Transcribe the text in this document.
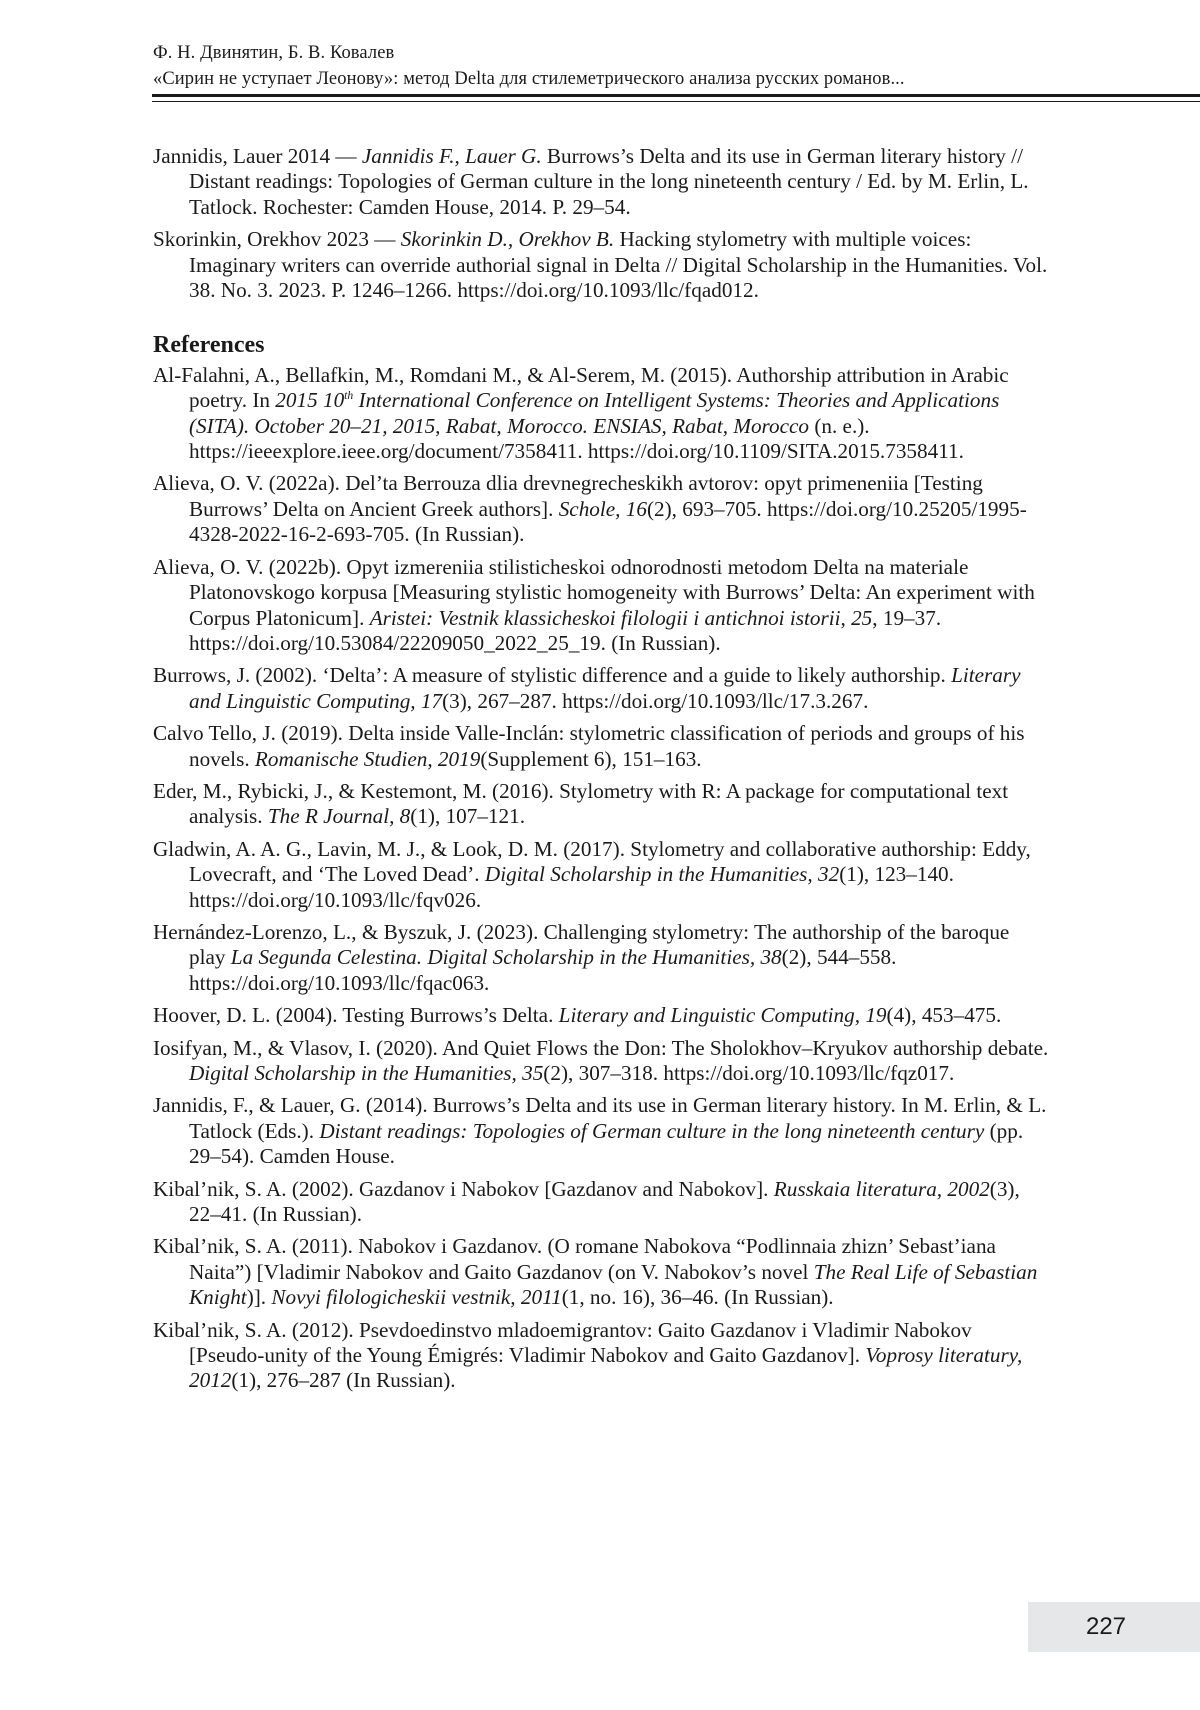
Ф. Н. Двинятин, Б. В. Ковалев
«Сирин не уступает Леонову»: метод Delta для стилеметрического анализа русских романов...

Jannidis, Lauer 2014 — Jannidis F., Lauer G. Burrows’s Delta and its use in German literary history // Distant readings: Topologies of German culture in the long nineteenth century / Ed. by M. Erlin, L. Tatlock. Rochester: Camden House, 2014. P. 29–54.

Skorinkin, Orekhov 2023 — Skorinkin D., Orekhov B. Hacking stylometry with multiple voices: Imaginary writers can override authorial signal in Delta // Digital Scholarship in the Humanities. Vol. 38. No. 3. 2023. P. 1246–1266. https://doi.org/10.1093/llc/fqad012.

References

Al-Falahni, A., Bellafkin, M., Romdani M., & Al-Serem, M. (2015). Authorship attribution in Arabic poetry. In 2015 10th International Conference on Intelligent Systems: Theories and Applications (SITA). October 20–21, 2015, Rabat, Morocco. ENSIAS, Rabat, Morocco (n. e.). https://ieeexplore.ieee.org/document/7358411. https://doi.org/10.1109/SITA.2015.7358411.

Alieva, O. V. (2022a). Del’ta Berrouza dlia drevnegrecheskikh avtorov: opyt primeneniia [Testing Burrows’ Delta on Ancient Greek authors]. Schole, 16(2), 693–705. https://doi.org/10.25205/1995-4328-2022-16-2-693-705. (In Russian).

Alieva, O. V. (2022b). Opyt izmereniia stilisticheskoi odnorodnosti metodom Delta na materiale Platonovskogo korpusa [Measuring stylistic homogeneity with Burrows’ Delta: An experiment with Corpus Platonicum]. Aristei: Vestnik klassicheskoi filologii i antichnoi istorii, 25, 19–37. https://doi.org/10.53084/22209050_2022_25_19. (In Russian).

Burrows, J. (2002). ‘Delta’: A measure of stylistic difference and a guide to likely authorship. Literary and Linguistic Computing, 17(3), 267–287. https://doi.org/10.1093/llc/17.3.267.

Calvo Tello, J. (2019). Delta inside Valle-Inclán: stylometric classification of periods and groups of his novels. Romanische Studien, 2019(Supplement 6), 151–163.

Eder, M., Rybicki, J., & Kestemont, M. (2016). Stylometry with R: A package for computational text analysis. The R Journal, 8(1), 107–121.

Gladwin, A. A. G., Lavin, M. J., & Look, D. M. (2017). Stylometry and collaborative authorship: Eddy, Lovecraft, and ‘The Loved Dead’. Digital Scholarship in the Humanities, 32(1), 123–140. https://doi.org/10.1093/llc/fqv026.

Hernández-Lorenzo, L., & Byszuk, J. (2023). Challenging stylometry: The authorship of the baroque play La Segunda Celestina. Digital Scholarship in the Humanities, 38(2), 544–558. https://doi.org/10.1093/llc/fqac063.

Hoover, D. L. (2004). Testing Burrows’s Delta. Literary and Linguistic Computing, 19(4), 453–475.

Iosifyan, M., & Vlasov, I. (2020). And Quiet Flows the Don: The Sholokhov–Kryukov authorship debate. Digital Scholarship in the Humanities, 35(2), 307–318. https://doi.org/10.1093/llc/fqz017.

Jannidis, F., & Lauer, G. (2014). Burrows’s Delta and its use in German literary history. In M. Erlin, & L. Tatlock (Eds.). Distant readings: Topologies of German culture in the long nineteenth century (pp. 29–54). Camden House.

Kibal’nik, S. A. (2002). Gazdanov i Nabokov [Gazdanov and Nabokov]. Russkaia literatura, 2002(3), 22–41. (In Russian).

Kibal’nik, S. A. (2011). Nabokov i Gazdanov. (O romane Nabokova “Podlinnaia zhizn’ Sebast’iana Naita”) [Vladimir Nabokov and Gaito Gazdanov (on V. Nabokov’s novel The Real Life of Sebastian Knight)]. Novyi filologicheskii vestnik, 2011(1, no. 16), 36–46. (In Russian).

Kibal’nik, S. A. (2012). Psevdoedinstvo mladoemigrantov: Gaito Gazdanov i Vladimir Nabokov [Pseudo-unity of the Young Émigrés: Vladimir Nabokov and Gaito Gazdanov]. Voprosy literatury, 2012(1), 276–287 (In Russian).

227
